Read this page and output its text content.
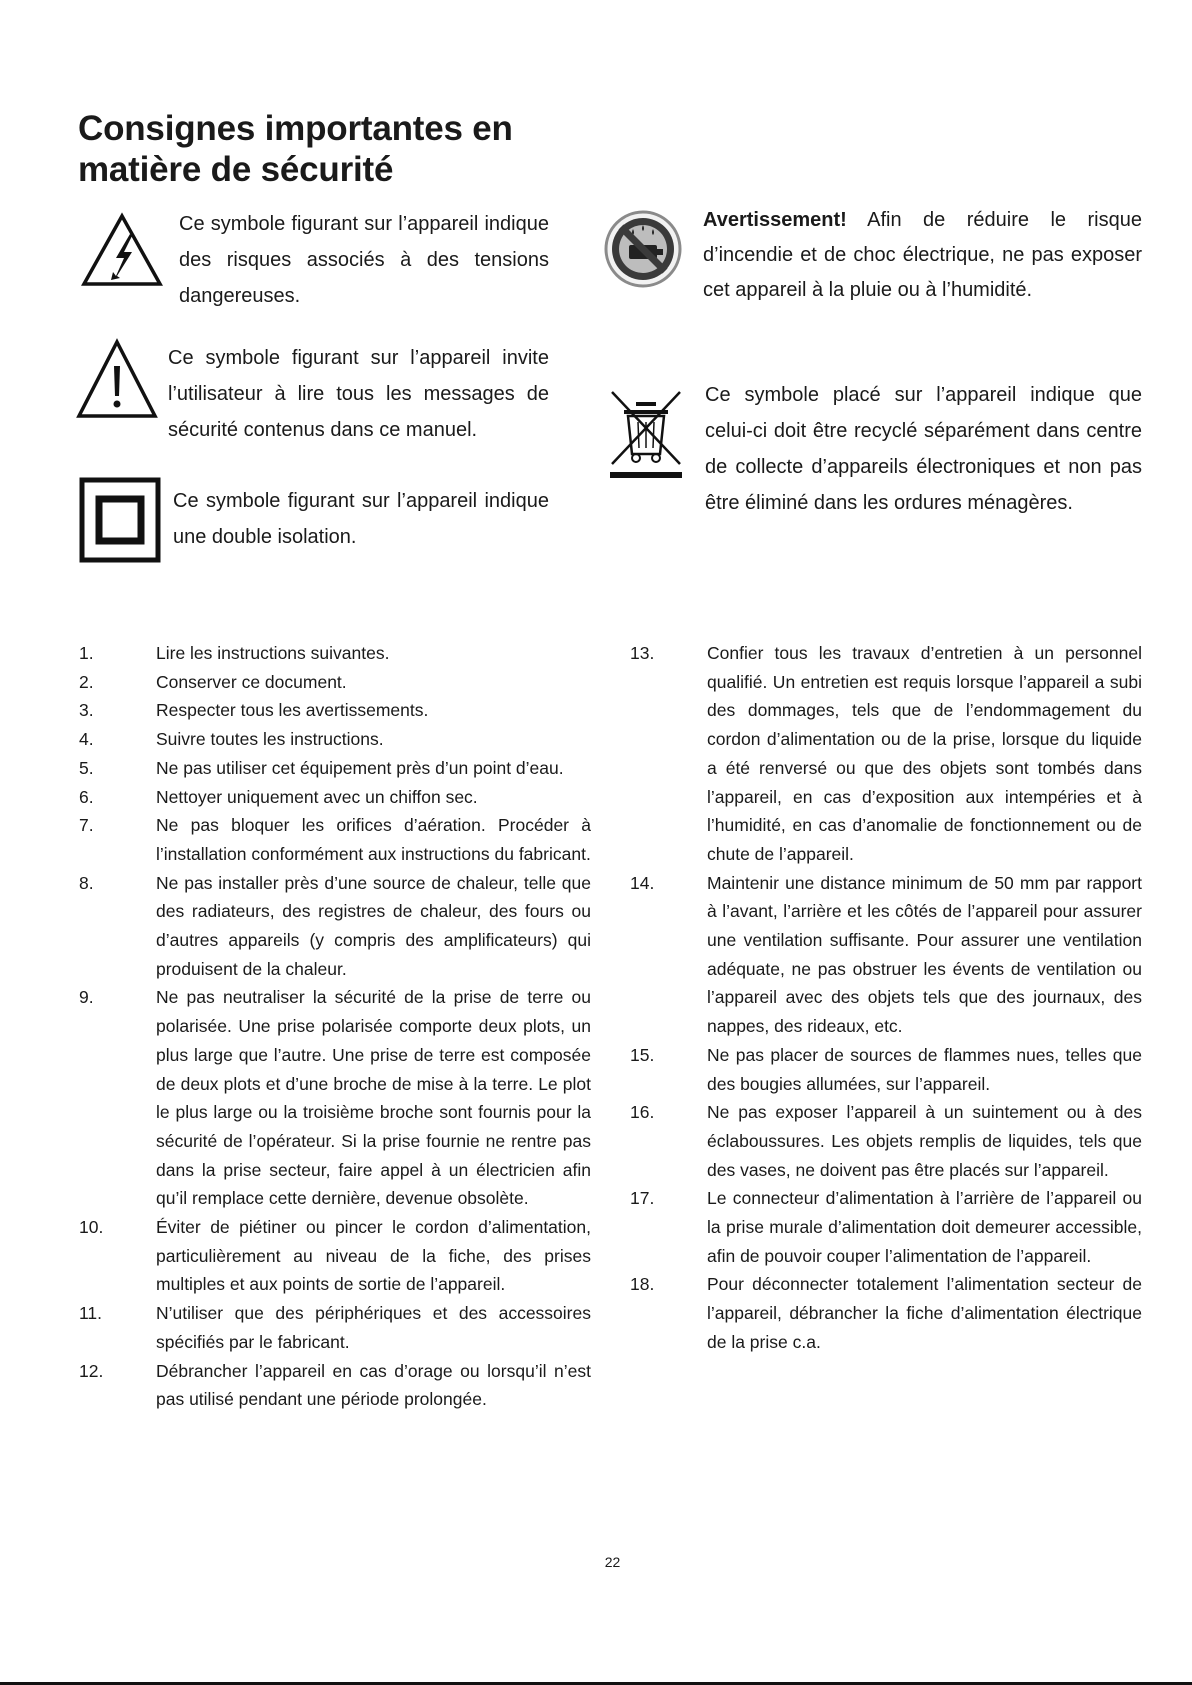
Consignes importantes en
matière de sécurité

Ce symbole figurant sur l’appareil indique des risques associés à des tensions dangereuses.

Ce symbole figurant sur l’appareil invite l’utilisateur à lire tous les messages de sécurité contenus dans ce manuel.

Ce symbole figurant sur l’appareil indique une double isolation.

Avertissement! Afin de réduire le risque d’incendie et de choc électrique, ne pas exposer cet appareil à la pluie ou à l’humidité.

Ce symbole placé sur l’appareil indique que celui-ci doit être recyclé séparément dans centre de collecte d’appareils électroniques et non pas être éliminé dans les ordures ménagères.

1.	Lire les instructions suivantes.
2.	Conserver ce document.
3.	Respecter tous les avertissements.
4.	Suivre toutes les instructions.
5.	Ne pas utiliser cet équipement près d’un point d’eau.
6.	Nettoyer uniquement avec un chiffon sec.
7.	Ne pas bloquer les orifices d’aération. Procéder à l’installation conformément aux instructions du fabricant.
8.	Ne pas installer près d’une source de chaleur, telle que des radiateurs, des registres de chaleur, des fours ou d’autres appareils (y compris des amplificateurs) qui produisent de la chaleur.
9.	Ne pas neutraliser la sécurité de la prise de terre ou polarisée. Une prise polarisée comporte deux plots, un plus large que l’autre. Une prise de terre est composée de deux plots et d’une broche de mise à la terre. Le plot le plus large ou la troisième broche sont fournis pour la sécurité de l’opérateur. Si la prise fournie ne rentre pas dans la prise secteur, faire appel à un électricien afin qu’il remplace cette dernière, devenue obsolète.
10.	Éviter de piétiner ou pincer le cordon d’alimentation, particulièrement au niveau de la fiche, des prises multiples et aux points de sortie de l’appareil.
11.	N’utiliser que des périphériques et des accessoires spécifiés par le fabricant.
12.	Débrancher l’appareil en cas d’orage ou lorsqu’il n’est pas utilisé pendant une période prolongée.
13.	Confier tous les travaux d’entretien à un personnel qualifié. Un entretien est requis lorsque l’appareil a subi des dommages, tels que de l’endommagement du cordon d’alimentation ou de la prise, lorsque du liquide a été renversé ou que des objets sont tombés dans l’appareil, en cas d’exposition aux intempéries et à l’humidité, en cas d’anomalie de fonctionnement ou de chute de l’appareil.
14.	Maintenir une distance minimum de 50 mm par rapport à l’avant, l’arrière et les côtés de l’appareil pour assurer une ventilation suffisante. Pour assurer une ventilation adéquate, ne pas obstruer les évents de ventilation ou l’appareil avec des objets tels que des journaux, des nappes, des rideaux, etc.
15.	Ne pas placer de sources de flammes nues, telles que des bougies allumées, sur l’appareil.
16.	Ne pas exposer l’appareil à un suintement ou à des éclaboussures. Les objets remplis de liquides, tels que des vases, ne doivent pas être placés sur l’appareil.
17.	Le connecteur d’alimentation à l’arrière de l’appareil ou la prise murale d’alimentation doit demeurer accessible, afin de pouvoir couper l’alimentation de l’appareil.
18.	Pour déconnecter totalement l’alimentation secteur de l’appareil, débrancher la fiche d’alimentation électrique de la prise c.a.
22
